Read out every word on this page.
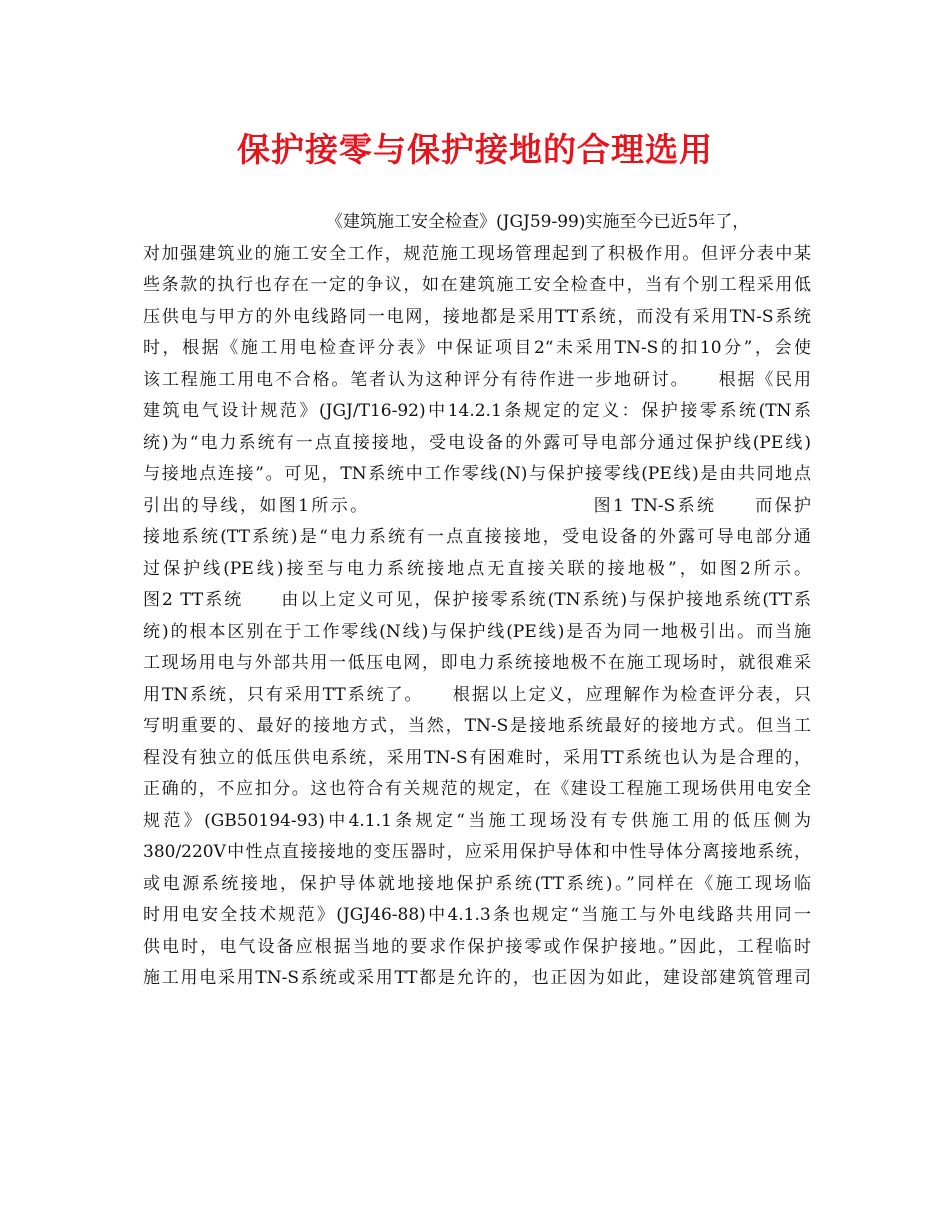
保护接零与保护接地的合理选用
《建筑施工安全检查》(JGJ59-99)实施至今已近5年了，
对加强建筑业的施工安全工作，规范施工现场管理起到了积极作用。但评分表中某
些条款的执行也存在一定的争议，如在建筑施工安全检查中，当有个别工程采用低
压供电与甲方的外电线路同一电网，接地都是采用TT系统，而没有采用TN-S系统
时，根据《施工用电检查评分表》中保证项目2“未采用TN-S的扣10分”，会使
该工程施工用电不合格。笔者认为这种评分有待作进一步地研讨。　　根据《民用
建筑电气设计规范》(JGJ/T16-92)中14.2.1条规定的定义：保护接零系统(TN系
统)为“电力系统有一点直接接地，受电设备的外露可导电部分通过保护线(PE线)
与接地点连接”。可见，TN系统中工作零线(N)与保护接零线(PE线)是由共同地点
引出的导线，如图1所示。　　　　　　　　　　　　图1 TN-S系统　　而保护
接地系统(TT系统)是“电力系统有一点直接接地，受电设备的外露可导电部分通
过保护线(PE线)接至与电力系统接地点无直接关联的接地极”，如图2所示。
图2 TT系统　　由以上定义可见，保护接零系统(TN系统)与保护接地系统(TT系
统)的根本区别在于工作零线(N线)与保护线(PE线)是否为同一地极引出。而当施
工现场用电与外部共用一低压电网，即电力系统接地极不在施工现场时，就很难采
用TN系统，只有采用TT系统了。　　根据以上定义，应理解作为检查评分表，只
写明重要的、最好的接地方式，当然，TN-S是接地系统最好的接地方式。但当工
程没有独立的低压供电系统，采用TN-S有困难时，采用TT系统也认为是合理的，
正确的，不应扣分。这也符合有关规范的规定，在《建设工程施工现场供用电安全
规范》(GB50194-93)中4.1.1条规定“当施工现场没有专供施工用的低压侧为
380/220V中性点直接接地的变压器时，应采用保护导体和中性导体分离接地系统，
或电源系统接地，保护导体就地接地保护系统(TT系统)。”同样在《施工现场临
时用电安全技术规范》(JGJ46-88)中4.1.3条也规定“当施工与外电线路共用同一
供电时，电气设备应根据当地的要求作保护接零或作保护接地。”因此，工程临时
施工用电采用TN-S系统或采用TT都是允许的，也正因为如此，建设部建筑管理司
